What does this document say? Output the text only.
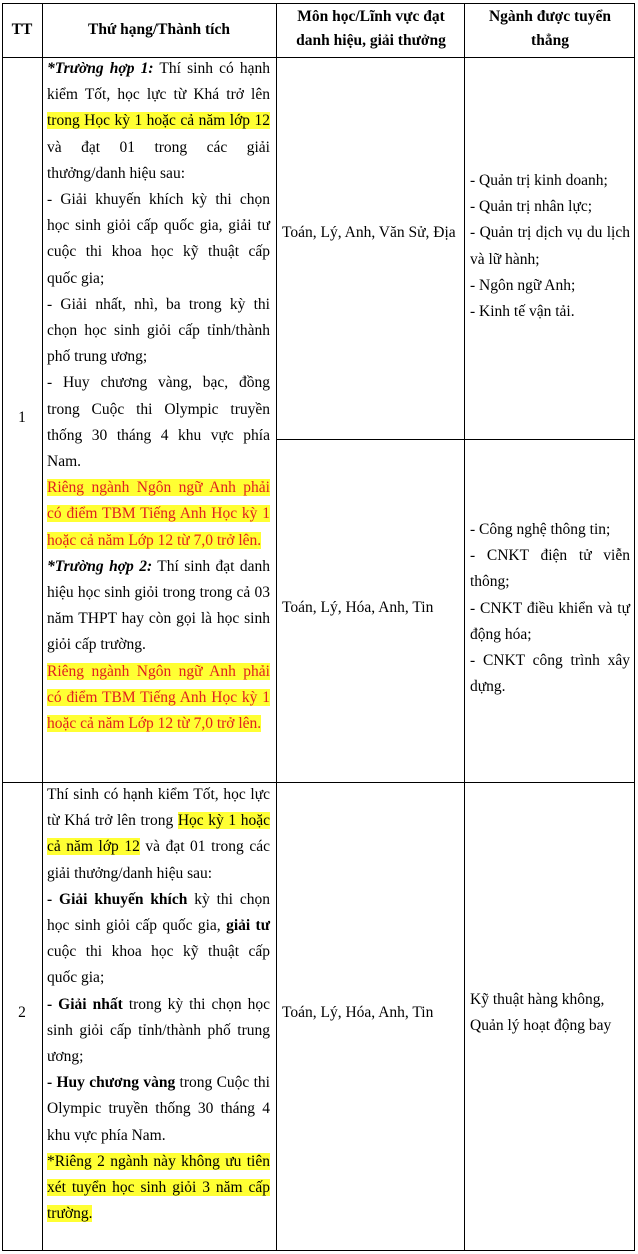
TT	Thứ hạng/Thành tích
Môn học/Lĩnh vực đạt danh hiệu, giải thưởng
Ngành được tuyển thẳng
1
*Trường hợp 1: Thí sinh có hạnh kiểm Tốt, học lực từ Khá trở lên trong Học kỳ 1 hoặc cả năm lớp 12 và đạt 01 trong các giải thưởng/danh hiệu sau:
- Giải khuyến khích kỳ thi chọn học sinh giỏi cấp quốc gia, giải tư cuộc thi khoa học kỹ thuật cấp quốc gia;
- Giải nhất, nhì, ba trong kỳ thi chọn học sinh giỏi cấp tỉnh/thành phố trung ương;
- Huy chương vàng, bạc, đồng trong Cuộc thi Olympic truyền thống 30 tháng 4 khu vực phía Nam.
Riêng ngành Ngôn ngữ Anh phải có điểm TBM Tiếng Anh Học kỳ 1 hoặc cả năm Lớp 12 từ 7,0 trở lên.
*Trường hợp 2: Thí sinh đạt danh hiệu học sinh giỏi trong trong cả 03 năm THPT hay còn gọi là học sinh giỏi cấp trường.
Riêng ngành Ngôn ngữ Anh phải có điểm TBM Tiếng Anh Học kỳ 1 hoặc cả năm Lớp 12 từ 7,0 trở lên.
Toán, Lý, Anh, Văn Sử, Địa
- Quản trị kinh doanh;
- Quản trị nhân lực;
- Quản trị dịch vụ du lịch và lữ hành;
- Ngôn ngữ Anh;
- Kinh tế vận tải.
Toán, Lý, Hóa, Anh, Tin
- Công nghệ thông tin;
- CNKT điện tử viễn thông;
- CNKT điều khiển và tự động hóa;
- CNKT công trình xây dựng.
2
Thí sinh có hạnh kiểm Tốt, học lực từ Khá trở lên trong Học kỳ 1 hoặc cả năm lớp 12 và đạt 01 trong các giải thưởng/danh hiệu sau:
- Giải khuyến khích kỳ thi chọn học sinh giỏi cấp quốc gia, giải tư cuộc thi khoa học kỹ thuật cấp quốc gia;
- Giải nhất trong kỳ thi chọn học sinh giỏi cấp tỉnh/thành phố trung ương;
- Huy chương vàng trong Cuộc thi Olympic truyền thống 30 tháng 4 khu vực phía Nam.
*Riêng 2 ngành này không ưu tiên xét tuyển học sinh giỏi 3 năm cấp trường.
Toán, Lý, Hóa, Anh, Tin
Kỹ thuật hàng không, Quản lý hoạt động bay
